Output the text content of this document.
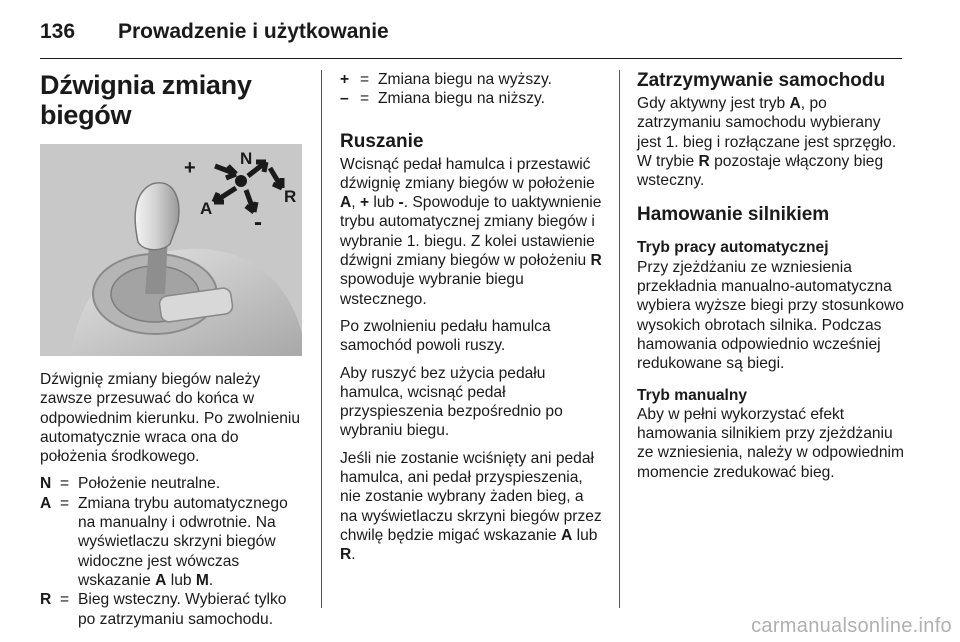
136 Prowadzenie i użytkowanie
Dźwignia zmiany biegów
+	N
R
A
-

Dźwignię zmiany biegów należy zawsze przesuwać do końca w odpowiednim kierunku. Po zwolnieniu automatycznie wraca ona do położenia środkowego.

N = Położenie neutralne.
A = Zmiana trybu automatycznego na manualny i odwrotnie. Na wyświetlaczu skrzyni biegów widoczne jest wówczas wskazanie A lub M.
R = Bieg wsteczny. Wybierać tylko po zatrzymaniu samochodu.
+ = Zmiana biegu na wyższy.
– = Zmiana biegu na niższy.
Ruszanie

Wcisnąć pedał hamulca i przestawić dźwignię zmiany biegów w położenie A, + lub -. Spowoduje to uaktywnienie trybu automatycznej zmiany biegów i wybranie 1. biegu. Z kolei ustawienie dźwigni zmiany biegów w położeniu R spowoduje wybranie biegu wstecznego.

Po zwolnieniu pedału hamulca samochód powoli ruszy.

Aby ruszyć bez użycia pedału hamulca, wcisnąć pedał przyspieszenia bezpośrednio po wybraniu biegu.

Jeśli nie zostanie wciśnięty ani pedał hamulca, ani pedał przyspieszenia, nie zostanie wybrany żaden bieg, a na wyświetlaczu skrzyni biegów przez chwilę będzie migać wskazanie A lub R.

Zatrzymywanie samochodu

Gdy aktywny jest tryb A, po zatrzymaniu samochodu wybierany jest 1. bieg i rozłączane jest sprzęgło. W trybie R pozostaje włączony bieg wsteczny.

Hamowanie silnikiem
Tryb pracy automatycznej

Przy zjeżdżaniu ze wzniesienia przekładnia manualno-automatyczna wybiera wyższe biegi przy stosunkowo wysokich obrotach silnika. Podczas hamowania odpowiednio wcześniej redukowane są biegi.

Tryb manualny

Aby w pełni wykorzystać efekt hamowania silnikiem przy zjeżdżaniu ze wzniesienia, należy w odpowiednim momencie zredukować bieg.

carmanualsonline.info
